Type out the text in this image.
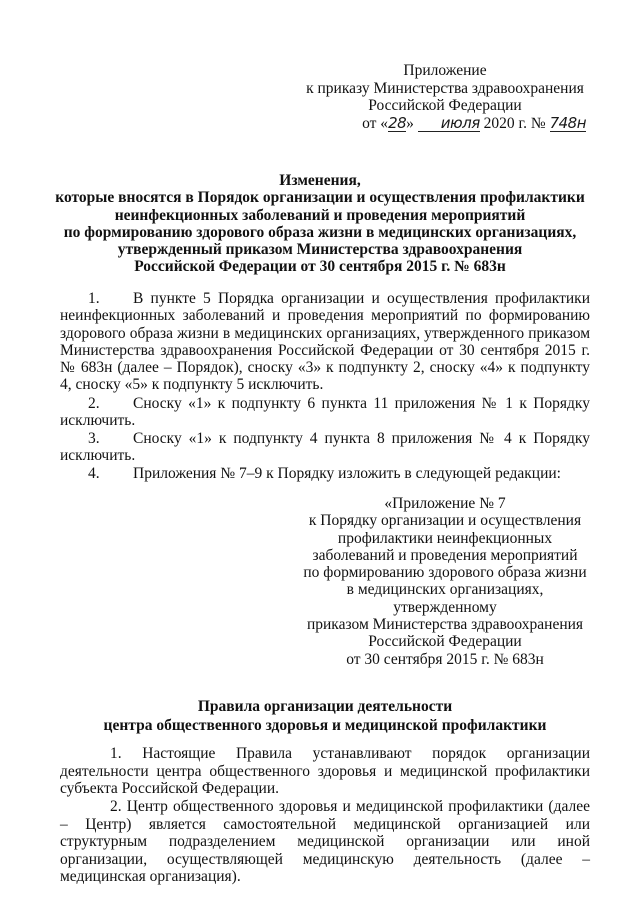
Приложение
к приказу Министерства здравоохранения
Российской Федерации
от «28» июля 2020 г. № 748н
Изменения,
которые вносятся в Порядок организации и осуществления профилактики
неинфекционных заболеваний и проведения мероприятий
по формированию здорового образа жизни в медицинских организациях,
утвержденный приказом Министерства здравоохранения
Российской Федерации от 30 сентября 2015 г. № 683н
1. В пункте 5 Порядка организации и осуществления профилактики неинфекционных заболеваний и проведения мероприятий по формированию здорового образа жизни в медицинских организациях, утвержденного приказом Министерства здравоохранения Российской Федерации от 30 сентября 2015 г. № 683н (далее – Порядок), сноску «3» к подпункту 2, сноску «4» к подпункту 4, сноску «5» к подпункту 5 исключить.
2. Сноску «1» к подпункту 6 пункта 11 приложения № 1 к Порядку исключить.
3. Сноску «1» к подпункту 4 пункта 8 приложения № 4 к Порядку исключить.
4. Приложения № 7–9 к Порядку изложить в следующей редакции:
«Приложение № 7
к Порядку организации и осуществления
профилактики неинфекционных
заболеваний и проведения мероприятий
по формированию здорового образа жизни
в медицинских организациях,
утвержденному
приказом Министерства здравоохранения
Российской Федерации
от 30 сентября 2015 г. № 683н
Правила организации деятельности
центра общественного здоровья и медицинской профилактики
1. Настоящие Правила устанавливают порядок организации деятельности центра общественного здоровья и медицинской профилактики субъекта Российской Федерации.
2. Центр общественного здоровья и медицинской профилактики (далее – Центр) является самостоятельной медицинской организацией или структурным подразделением медицинской организации или иной организации, осуществляющей медицинскую деятельность (далее – медицинская организация).
